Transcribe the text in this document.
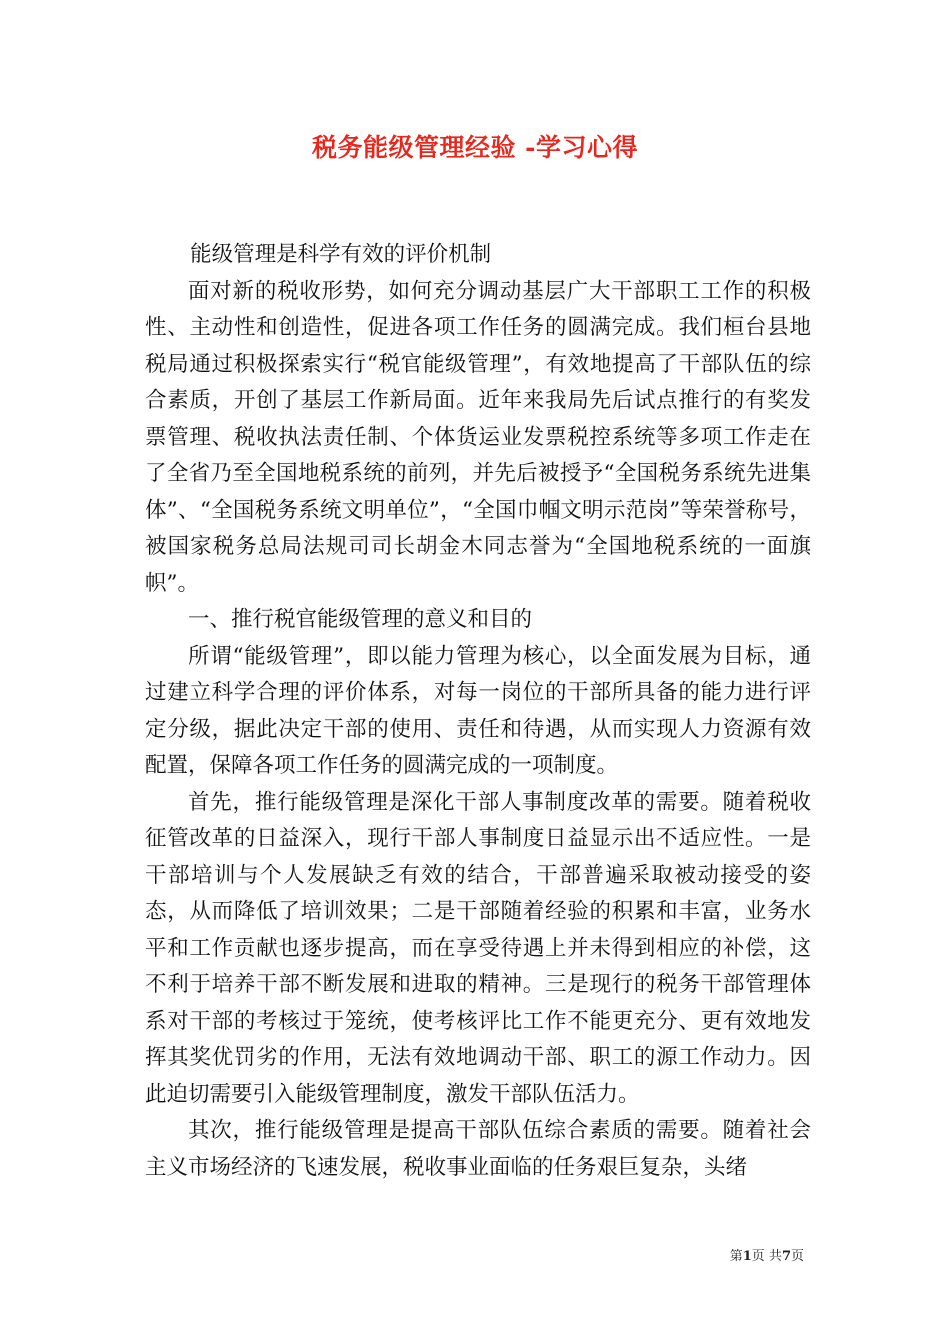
税务能级管理经验 -学习心得

能级管理是科学有效的评价机制

面对新的税收形势，如何充分调动基层广大干部职工工作的积极性、主动性和创造性，促进各项工作任务的圆满完成。我们桓台县地税局通过积极探索实行“税官能级管理”，有效地提高了干部队伍的综合素质，开创了基层工作新局面。近年来我局先后试点推行的有奖发票管理、税收执法责任制、个体货运业发票税控系统等多项工作走在了全省乃至全国地税系统的前列，并先后被授予“全国税务系统先进集体”、“全国税务系统文明单位”，“全国巾帼文明示范岗”等荣誉称号，被国家税务总局法规司司长胡金木同志誉为“全国地税系统的一面旗帜”。

一、推行税官能级管理的意义和目的

所谓“能级管理”，即以能力管理为核心，以全面发展为目标，通过建立科学合理的评价体系，对每一岗位的干部所具备的能力进行评定分级，据此决定干部的使用、责任和待遇，从而实现人力资源有效配置，保障各项工作任务的圆满完成的一项制度。

首先，推行能级管理是深化干部人事制度改革的需要。随着税收征管改革的日益深入，现行干部人事制度日益显示出不适应性。一是干部培训与个人发展缺乏有效的结合，干部普遍采取被动接受的姿态，从而降低了培训效果；二是干部随着经验的积累和丰富，业务水平和工作贡献也逐步提高，而在享受待遇上并未得到相应的补偿，这不利于培养干部不断发展和进取的精神。三是现行的税务干部管理体系对干部的考核过于笼统，使考核评比工作不能更充分、更有效地发挥其奖优罚劣的作用，无法有效地调动干部、职工的源工作动力。因此迫切需要引入能级管理制度，激发干部队伍活力。

其次，推行能级管理是提高干部队伍综合素质的需要。随着社会主义市场经济的飞速发展，税收事业面临的任务艰巨复杂，头绪

第1页 共7页
